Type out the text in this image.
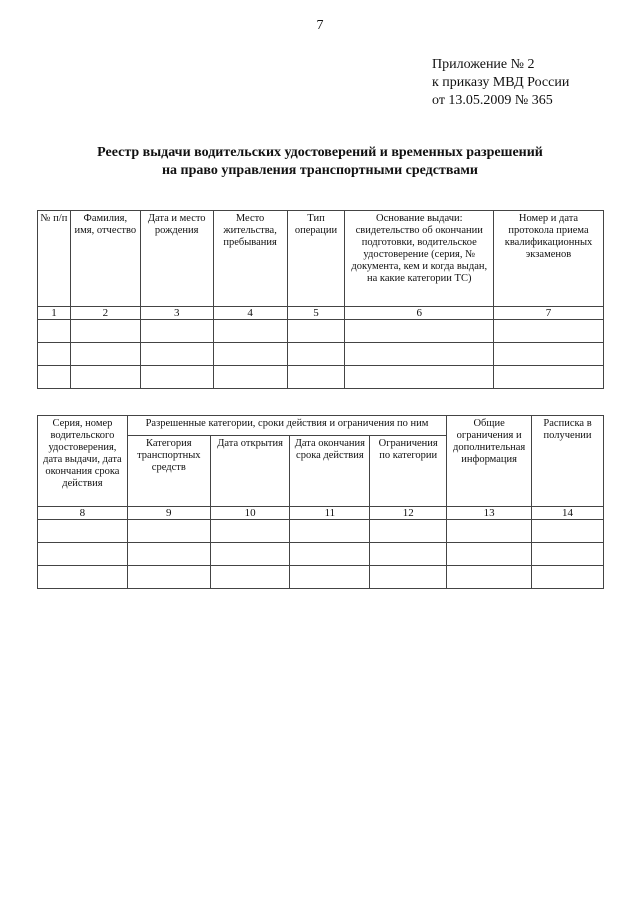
7
Приложение № 2
к приказу МВД России
от 13.05.2009 № 365
Реестр выдачи водительских удостоверений и временных разрешений
на право управления транспортными средствами
№ п/п	Фамилия, имя, отчество	Дата и место рождения	Место жительства, пребывания	Тип операции	Основание выдачи: свидетельство об окончании подготовки, водительское удостоверение (серия, № документа, кем и когда выдан, на какие категории ТС)	Номер и дата протокола приема квалификационных экзаменов
1	2	3	4	5	6	7

Серия, номер водительского удостоверения, дата выдачи, дата окончания срока действия	Разрешенные категории, сроки действия и ограничения по ним				Общие ограничения и дополнительная информация	Расписка в получении
	Категория транспортных средств	Дата открытия	Дата окончания срока действия	Ограничения по категории		
8	9	10	11	12	13	14
